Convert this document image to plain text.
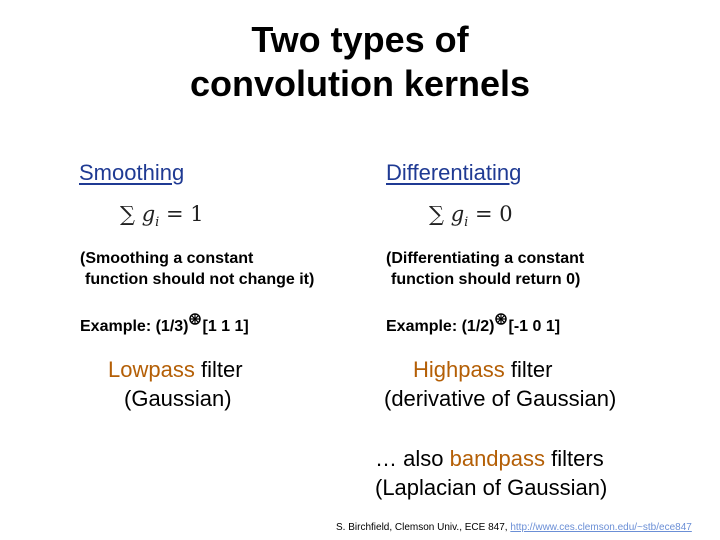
Two types of
convolution kernels
Smoothing
∑ $g_i = 1$
(Smoothing a constant
function should not change it)
Example: (1/3) [1 1 1]
Lowpass filter
(Gaussian)
Differentiating
∑ $g_i = 0$
(Differentiating a constant
function should return 0)
Example: (1/2) [-1 0 1]
Highpass filter
(derivative of Gaussian)
… also bandpass filters
(Laplacian of Gaussian)
S. Birchfield, Clemson Univ., ECE 847, http://www.ces.clemson.edu/~stb/ece847
